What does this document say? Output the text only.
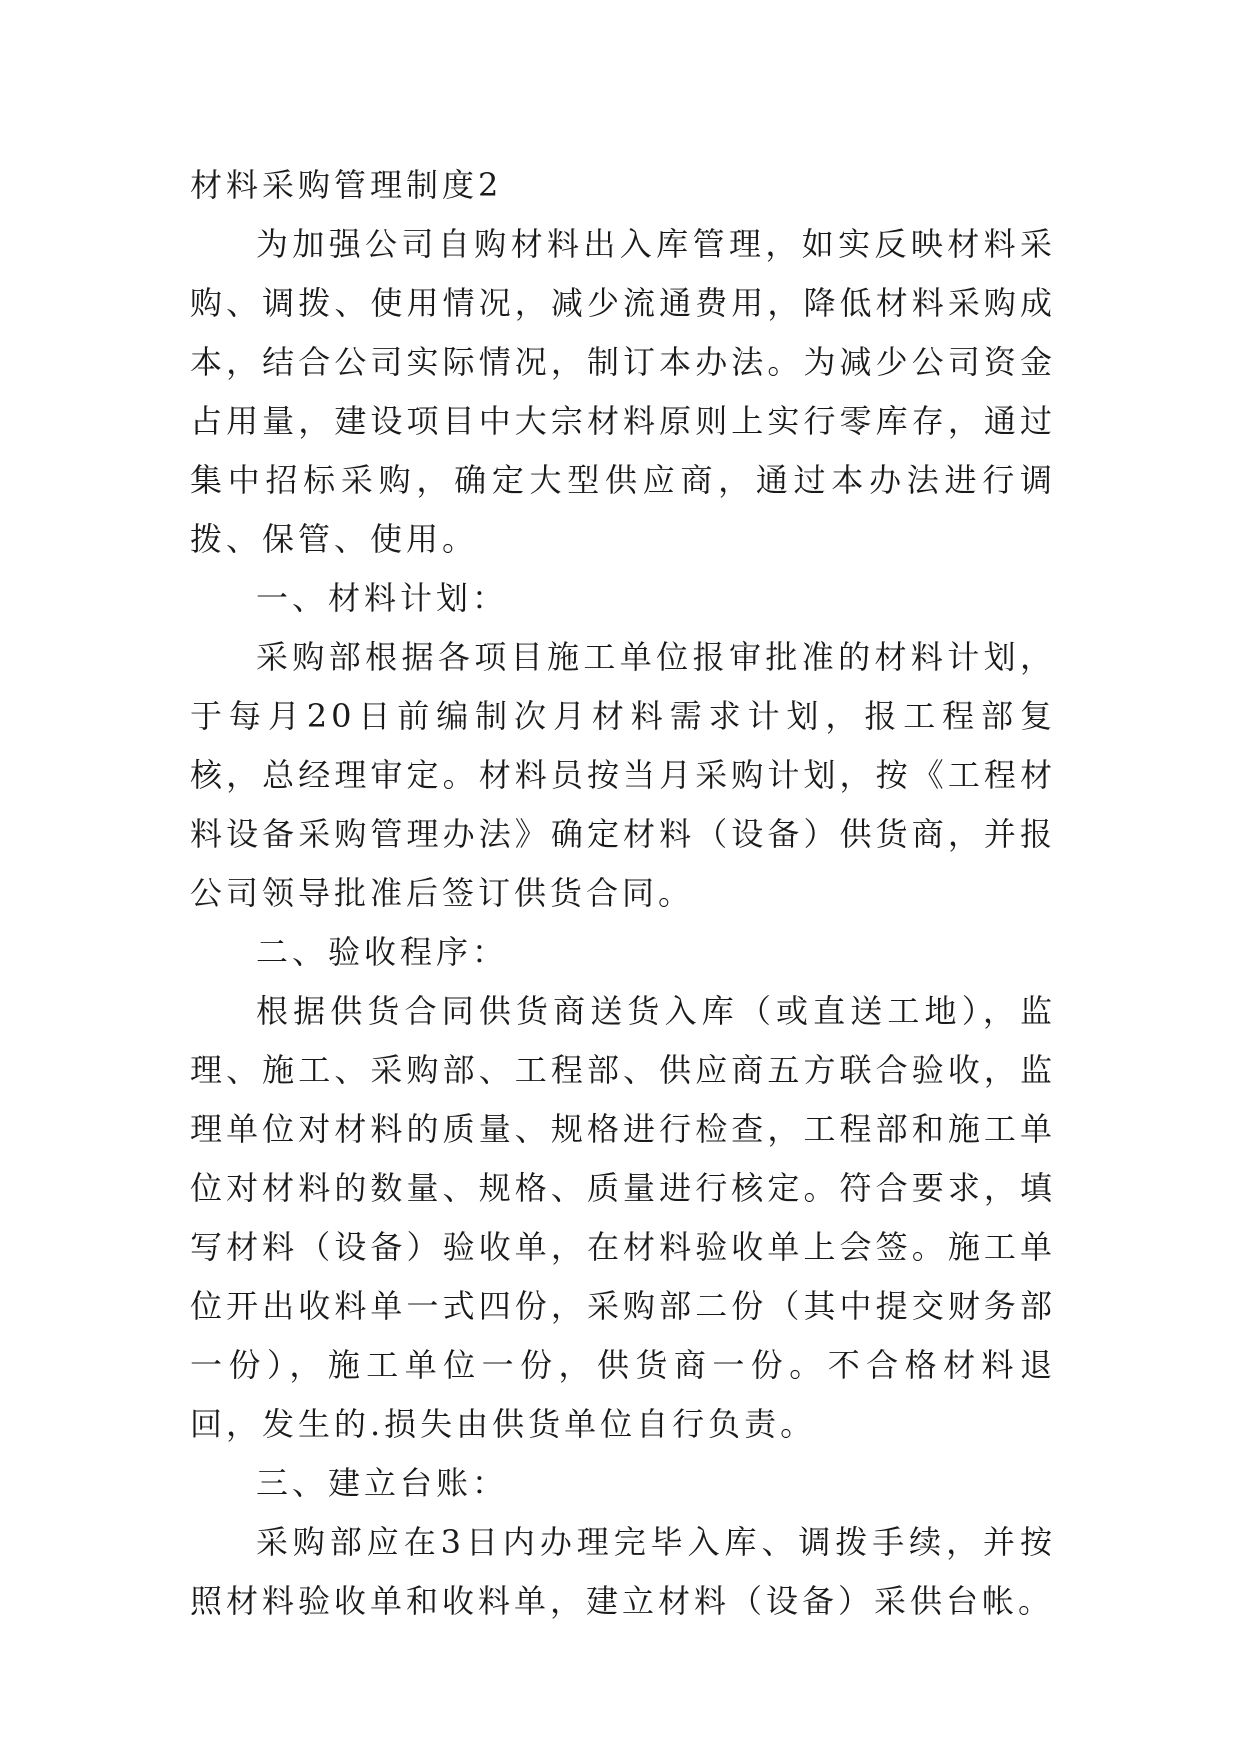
材料采购管理制度2

为加强公司自购材料出入库管理，如实反映材料采购、调拨、使用情况，减少流通费用，降低材料采购成本，结合公司实际情况，制订本办法。为减少公司资金占用量，建设项目中大宗材料原则上实行零库存，通过集中招标采购，确定大型供应商，通过本办法进行调拨、保管、使用。

一、材料计划：

采购部根据各项目施工单位报审批准的材料计划，于每月20日前编制次月材料需求计划，报工程部复核，总经理审定。材料员按当月采购计划，按《工程材料设备采购管理办法》确定材料（设备）供货商，并报公司领导批准后签订供货合同。

二、验收程序：

根据供货合同供货商送货入库（或直送工地），监理、施工、采购部、工程部、供应商五方联合验收，监理单位对材料的质量、规格进行检查，工程部和施工单位对材料的数量、规格、质量进行核定。符合要求，填写材料（设备）验收单，在材料验收单上会签。施工单位开出收料单一式四份，采购部二份（其中提交财务部一份），施工单位一份，供货商一份。不合格材料退回，发生的.损失由供货单位自行负责。

三、建立台账：

采购部应在3日内办理完毕入库、调拨手续，并按照材料验收单和收料单，建立材料（设备）采供台帐。
